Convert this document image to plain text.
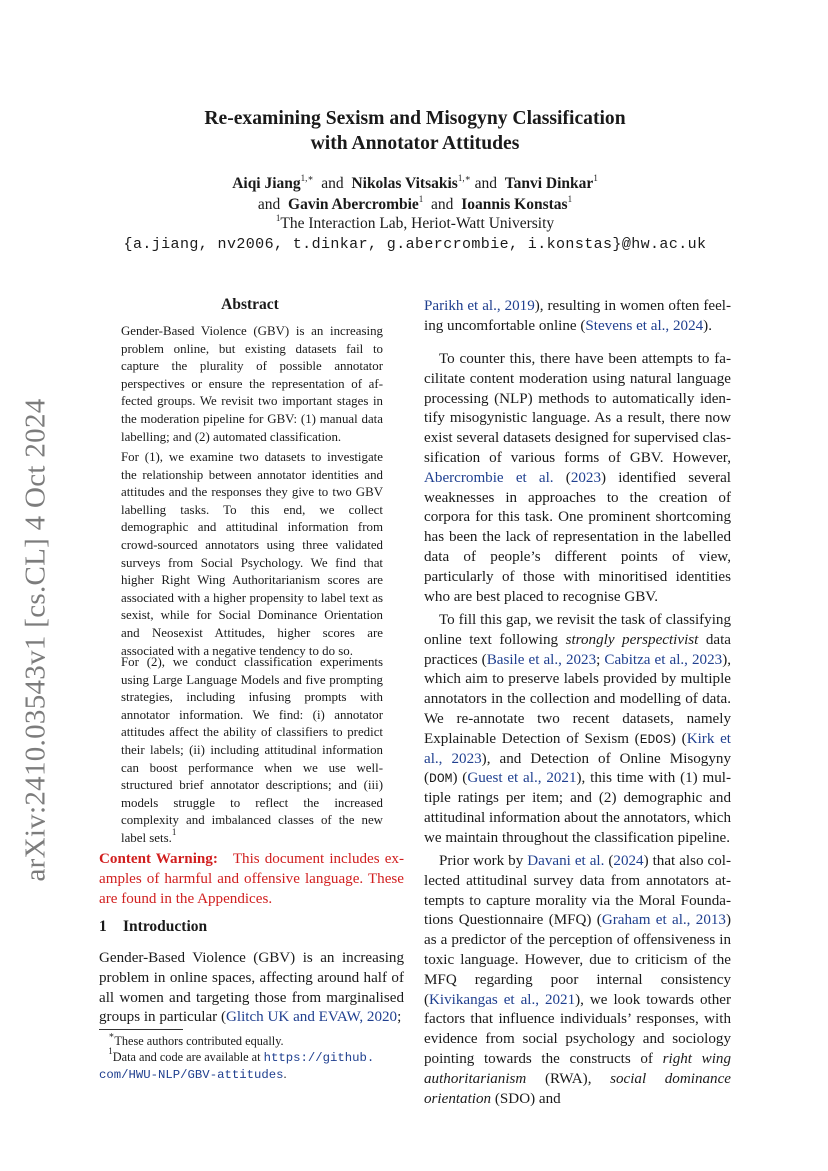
arXiv:2410.03543v1 [cs.CL] 4 Oct 2024
Re-examining Sexism and Misogyny Classification
with Annotator Attitudes
Aiqi Jiang$^{1,∗}$ and Nikolas Vitsakis$^{1,∗}$ and Tanvi Dinkar$^1$
and Gavin Abercrombie$^1$ and Ioannis Konstas$^1$
$^1$The Interaction Lab, Heriot-Watt University
{a.jiang, nv2006, t.dinkar, g.abercrombie, i.konstas}@hw.ac.uk
Abstract
Gender-Based Violence (GBV) is an increasing problem online, but existing datasets fail to capture the plurality of possible annotator perspectives or ensure the representation of affected groups. We revisit two important stages in the moderation pipeline for GBV: (1) manual data labelling; and (2) automated classification.
For (1), we examine two datasets to investigate the relationship between annotator identities and attitudes and the responses they give to two GBV labelling tasks. To this end, we collect demographic and attitudinal information from crowd-sourced annotators using three validated surveys from Social Psychology. We find that higher Right Wing Authoritarianism scores are associated with a higher propensity to label text as sexist, while for Social Dominance Orientation and Neosexist Attitudes, higher scores are associated with a negative tendency to do so.
For (2), we conduct classification experiments using Large Language Models and five prompting strategies, including infusing prompts with annotator information. We find: (i) annotator attitudes affect the ability of classifiers to predict their labels; (ii) including attitudinal information can boost performance when we use well-structured brief annotator descriptions; and (iii) models struggle to reflect the increased complexity and imbalanced classes of the new label sets.$^1$
Content Warning: This document includes examples of harmful and offensive language. These are found in the Appendices.
1 Introduction
Gender-Based Violence (GBV) is an increasing problem in online spaces, affecting around half of all women and targeting those from marginalised groups in particular (Glitch UK and EVAW, 2020;
∗These authors contributed equally.
$^1$Data and code are available at https://github.
com/HWU-NLP/GBV-attitudes.
Parikh et al., 2019), resulting in women often feeling uncomfortable online (Stevens et al., 2024).
To counter this, there have been attempts to facilitate content moderation using natural language processing (NLP) methods to automatically identify misogynistic language. As a result, there now exist several datasets designed for supervised classification of various forms of GBV. However, Abercrombie et al. (2023) identified several weaknesses in approaches to the creation of corpora for this task. One prominent shortcoming has been the lack of representation in the labelled data of people’s different points of view, particularly of those with minoritised identities who are best placed to recognise GBV.
To fill this gap, we revisit the task of classifying online text following strongly perspectivist data practices (Basile et al., 2023; Cabitza et al., 2023), which aim to preserve labels provided by multiple annotators in the collection and modelling of data. We re-annotate two recent datasets, namely Explainable Detection of Sexism (EDOS) (Kirk et al., 2023), and Detection of Online Misogyny (DOM) (Guest et al., 2021), this time with (1) multiple ratings per item; and (2) demographic and attitudinal information about the annotators, which we maintain throughout the classification pipeline.
Prior work by Davani et al. (2024) that also collected attitudinal survey data from annotators attempts to capture morality via the Moral Foundations Questionnaire (MFQ) (Graham et al., 2013) as a predictor of the perception of offensiveness in toxic language. However, due to criticism of the MFQ regarding poor internal consistency (Kivikangas et al., 2021), we look towards other factors that influence individuals’ responses, with evidence from social psychology and sociology pointing towards the constructs of right wing authoritarianism (RWA), social dominance orientation (SDO) and
